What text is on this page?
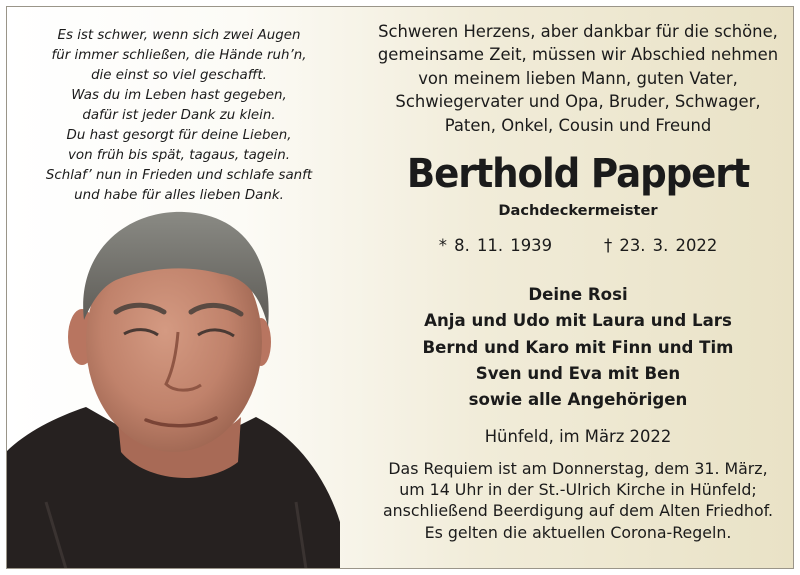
Es ist schwer, wenn sich zwei Augen
für immer schließen, die Hände ruh’n,
die einst so viel geschafft.
Was du im Leben hast gegeben,
dafür ist jeder Dank zu klein.
Du hast gesorgt für deine Lieben,
von früh bis spät, tagaus, tagein.
Schlaf’ nun in Frieden und schlafe sanft
und habe für alles lieben Dank.
Schweren Herzens, aber dankbar für die schöne,
gemeinsame Zeit, müssen wir Abschied nehmen
von meinem lieben Mann, guten Vater,
Schwiegervater und Opa, Bruder, Schwager,
Paten, Onkel, Cousin und Freund
Berthold Pappert
Dachdeckermeister
* 8. 11. 1939	† 23. 3. 2022
Deine Rosi
Anja und Udo mit Laura und Lars
Bernd und Karo mit Finn und Tim
Sven und Eva mit Ben
sowie alle Angehörigen
Hünfeld, im März 2022
Das Requiem ist am Donnerstag, dem 31. März,
um 14 Uhr in der St.-Ulrich Kirche in Hünfeld;
anschließend Beerdigung auf dem Alten Friedhof.
Es gelten die aktuellen Corona-Regeln.
